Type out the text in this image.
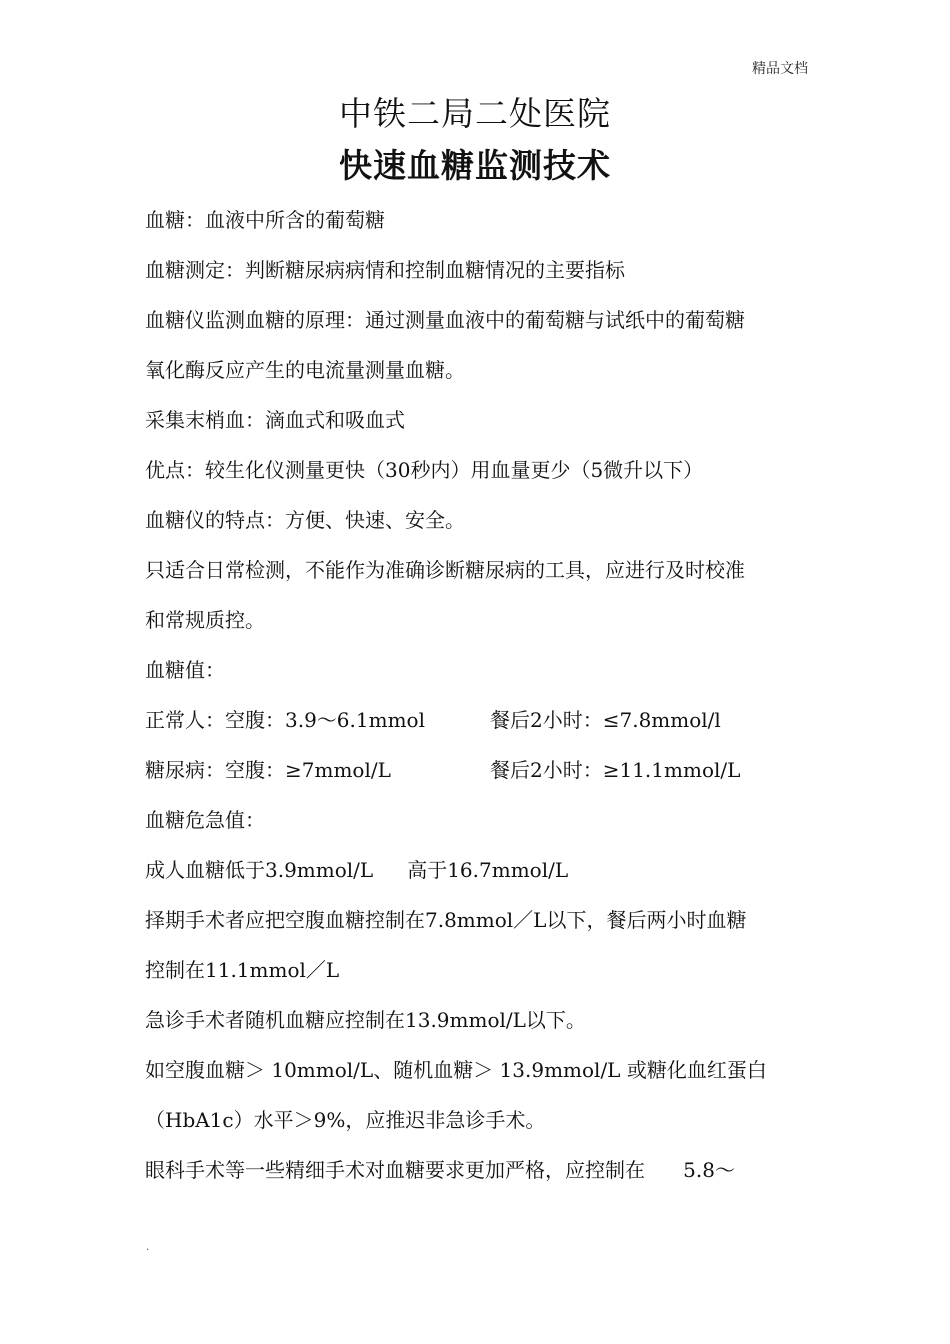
精品文档
中铁二局二处医院
快速血糖监测技术
血糖：血液中所含的葡萄糖
血糖测定：判断糖尿病病情和控制血糖情况的主要指标
血糖仪监测血糖的原理：通过测量血液中的葡萄糖与试纸中的葡萄糖
氧化酶反应产生的电流量测量血糖。
采集末梢血：滴血式和吸血式
优点：较生化仪测量更快（30秒内）用血量更少（5微升以下）
血糖仪的特点：方便、快速、安全。
只适合日常检测，不能作为准确诊断糖尿病的工具，应进行及时校准
和常规质控。
血糖值：
正常人：空腹：3.9～6.1mmol	餐后2小时：≤7.8mmol/l
糖尿病：空腹：≥7mmol/L	餐后2小时：≥11.1mmol/L
血糖危急值：
成人血糖低于3.9mmol/L 高于16.7mmol/L
择期手术者应把空腹血糖控制在7.8mmol／L以下，餐后两小时血糖
控制在11.1mmol／L
急诊手术者随机血糖应控制在13.9mmol/L以下。
如空腹血糖＞ 10mmol/L、随机血糖＞ 13.9mmol/L 或糖化血红蛋白
（HbA1c）水平＞9%，应推迟非急诊手术。
眼科手术等一些精细手术对血糖要求更加严格，应控制在      5.8～
.
